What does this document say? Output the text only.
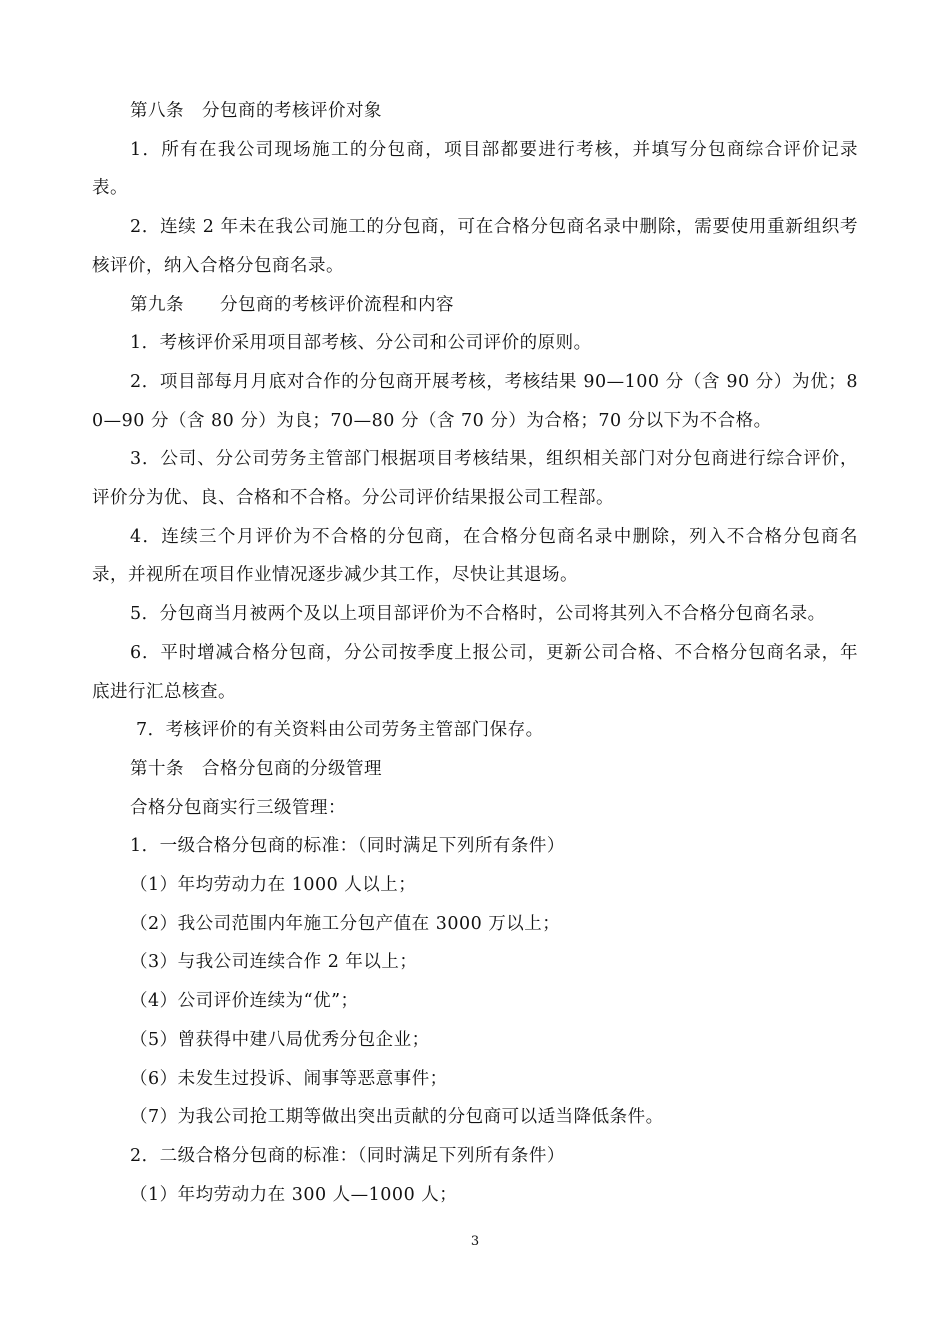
第八条　分包商的考核评价对象

1．所有在我公司现场施工的分包商，项目部都要进行考核，并填写分包商综合评价记录表。

2．连续 2 年未在我公司施工的分包商，可在合格分包商名录中删除，需要使用重新组织考核评价，纳入合格分包商名录。

第九条　　分包商的考核评价流程和内容

1．考核评价采用项目部考核、分公司和公司评价的原则。

2．项目部每月月底对合作的分包商开展考核，考核结果 90—100 分（含 90 分）为优；80—90 分（含 80 分）为良；70—80 分（含 70 分）为合格；70 分以下为不合格。

3．公司、分公司劳务主管部门根据项目考核结果，组织相关部门对分包商进行综合评价，评价分为优、良、合格和不合格。分公司评价结果报公司工程部。

4．连续三个月评价为不合格的分包商，在合格分包商名录中删除，列入不合格分包商名录，并视所在项目作业情况逐步减少其工作，尽快让其退场。

5．分包商当月被两个及以上项目部评价为不合格时，公司将其列入不合格分包商名录。

6．平时增减合格分包商，分公司按季度上报公司，更新公司合格、不合格分包商名录，年底进行汇总核查。

7．考核评价的有关资料由公司劳务主管部门保存。

第十条　合格分包商的分级管理

合格分包商实行三级管理：

1．一级合格分包商的标准：（同时满足下列所有条件）

（1）年均劳动力在 1000 人以上；

（2）我公司范围内年施工分包产值在 3000 万以上；

（3）与我公司连续合作 2 年以上；

（4）公司评价连续为“优”；

（5）曾获得中建八局优秀分包企业；

（6）未发生过投诉、闹事等恶意事件；

（7）为我公司抢工期等做出突出贡献的分包商可以适当降低条件。

2．二级合格分包商的标准：（同时满足下列所有条件）

（1）年均劳动力在 300 人—1000 人；

3
